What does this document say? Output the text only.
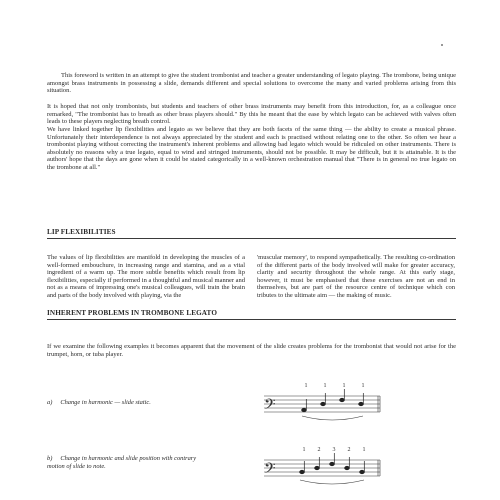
This foreword is written in an attempt to give the student trombonist and teacher a greater understanding of legato playing. The trombone, being unique amongst brass instruments in possessing a slide, demands different and special solutions to overcome the many and varied problems arising from this situation.
It is hoped that not only trombonists, but students and teachers of other brass instruments may benefit from this introduction, for, as a colleague once remarked, "The trombonist has to breath as other brass players should." By this he meant that the ease by which legato can be achieved with valves often leads to these players neglecting breath control.
We have linked together lip flexibilities and legato as we believe that they are both facets of the same thing — the ability to create a musical phrase. Unfortunately their interdependence is not always appreciated by the student and each is practised without relating one to the other. So often we hear a trombonist playing without correcting the instrument's inherent problems and allowing bad legato which would be ridiculed on other instruments. There is absolutely no reasons why a true legato, equal to wind and stringed instruments, should not be possible. It may be difficult, but it is attainable. It is the authors' hope that the days are gone when it could be stated categorically in a well-known orchestration manual that "There is in general no true legato on the trombone at all."
LIP FLEXIBILITIES
The values of lip flexibilities are manifold in developing the muscles of a well-formed embouchure, in increasing range and stamina, and as a vital ingredient of a warm up. The more subtle benefits which result from lip flexibilities, especially if performed in a thoughtful and musical manner and not as a means of impressing one's musical colleagues, will train the brain and parts of the body involved with playing, via the
'muscular memory', to respond sympathetically. The resulting co-ordination of the different parts of the body involved will make for greater accuracy, clarity and security throughout the whole range. At this early stage, however, it must be emphasised that these exercises are not an end in themselves, but are part of the resource centre of technique which con tributes to the ultimate aim — the making of music.
INHERENT PROBLEMS IN TROMBONE LEGATO
If we examine the following examples it becomes apparent that the movement of the slide creates problems for the trombonist that would not arise for the trumpet, horn, or tuba player.
a) Change in harmonic — slide static.	𝄢
1	1	1	1
b) Change in harmonic and slide position with contrary
motion of slide to note.	𝄢
1 2 3 2 1
